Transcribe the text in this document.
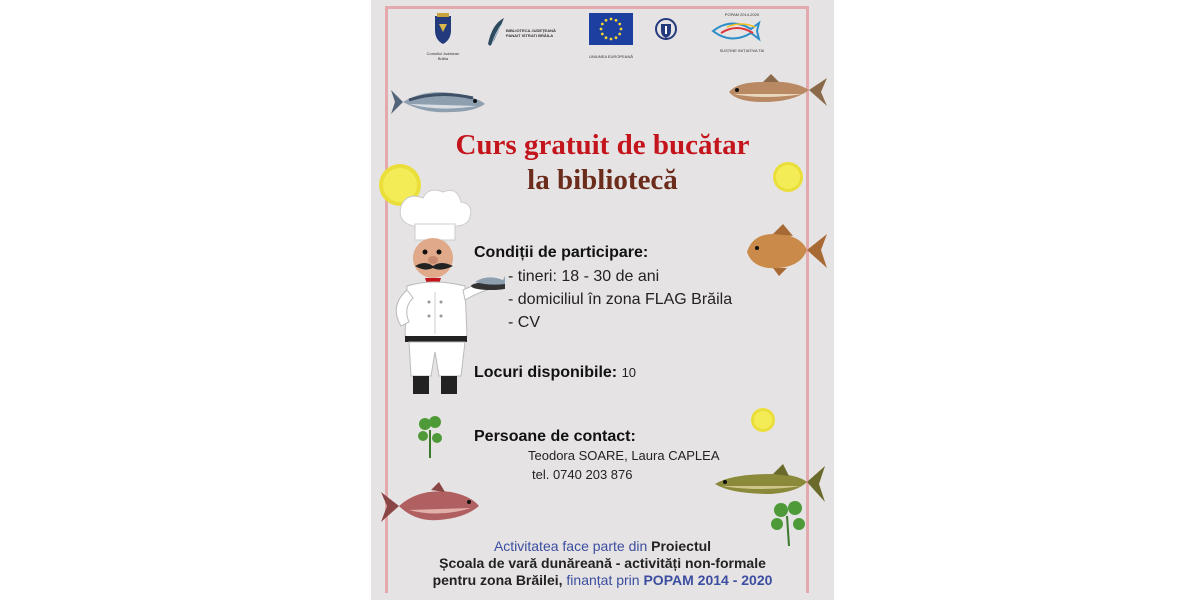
Consiliul Județean Brăila
BIBLIOTECA JUDEȚEANĂ PANAIT ISTRATI BRĂILA
UNIUNEA EUROPEANĂ
POPAM 2014-2020
SUSȚINE INIȚIATIVA TA!
Curs gratuit de bucătar
la bibliotecă
Condiții de participare:
- tineri: 18 - 30 de ani
- domiciliul în zona FLAG Brăila
- CV
Locuri disponibile: 10
Persoane de contact:
Teodora SOARE, Laura CAPLEA
tel. 0740 203 876
Activitatea face parte din Proiectul
Școala de vară dunăreană - activități non-formale
pentru zona Brăilei, finanțat prin POPAM 2014 - 2020
